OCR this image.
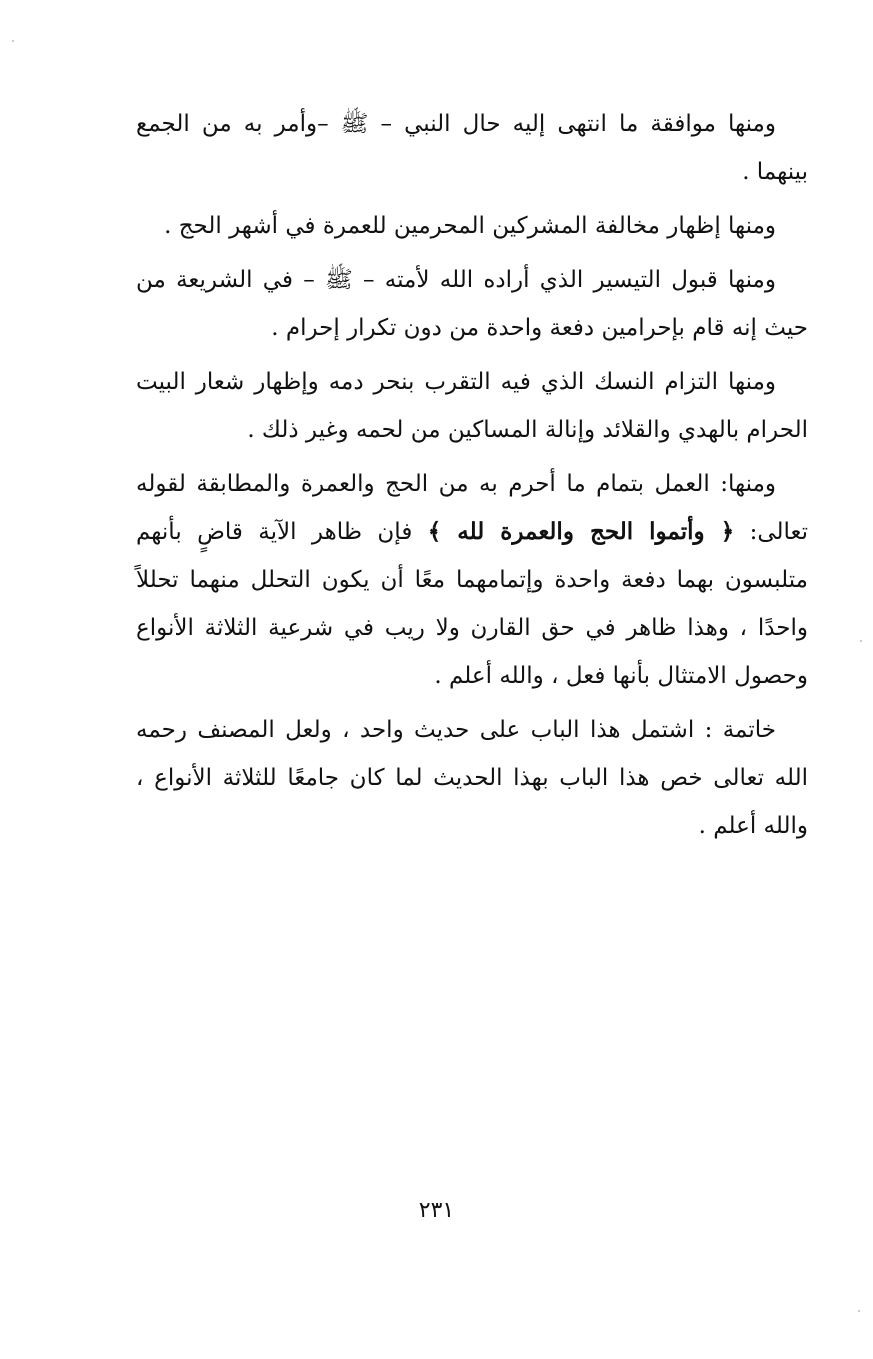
ومنها موافقة ما انتهى إليه حال النبي – ﷺ –وأمر به من الجمع بينهما .

ومنها إظهار مخالفة المشركين المحرمين للعمرة في أشهر الحج .

ومنها قبول التيسير الذي أراده الله لأمته – ﷺ – في الشريعة من حيث إنه قام بإحرامين دفعة واحدة من دون تكرار إحرام .

ومنها التزام النسك الذي فيه التقرب بنحر دمه وإظهار شعار البيت الحرام بالهدي والقلائد وإنالة المساكين من لحمه وغير ذلك .

ومنها: العمل بتمام ما أحرم به من الحج والعمرة والمطابقة لقوله تعالى: ﴿ وأتموا الحج والعمرة لله ﴾ فإن ظاهر الآية قاضٍ بأنهم متلبسون بهما دفعة واحدة وإتمامهما معًا أن يكون التحلل منهما تحللاً واحدًا ، وهذا ظاهر في حق القارن ولا ريب في شرعية الثلاثة الأنواع وحصول الامتثال بأنها فعل ، والله أعلم .

خاتمة : اشتمل هذا الباب على حديث واحد ، ولعل المصنف رحمه الله تعالى خص هذا الباب بهذا الحديث لما كان جامعًا للثلاثة الأنواع ، والله أعلم .

٢٣١
